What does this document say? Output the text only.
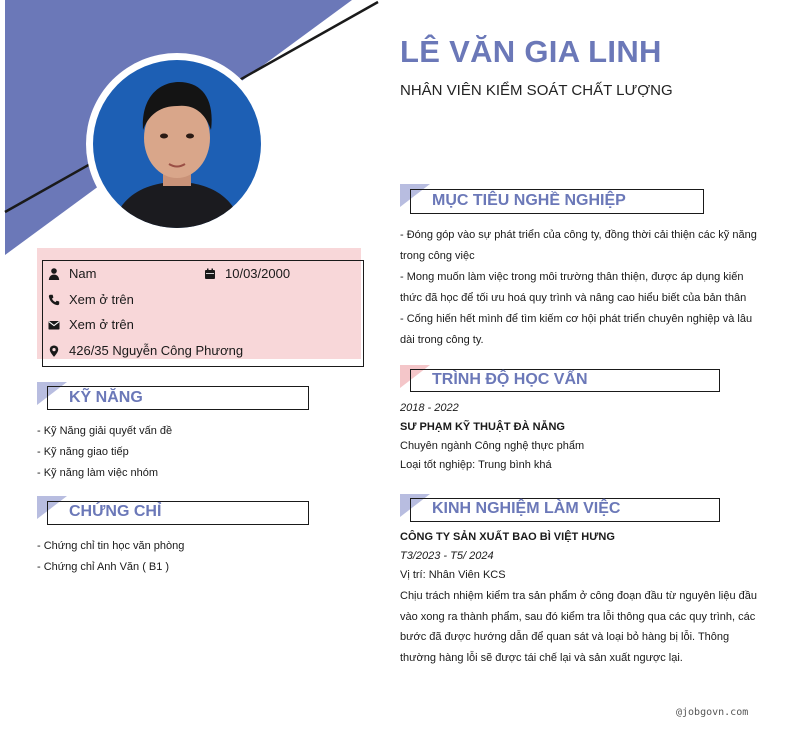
LÊ VĂN GIA LINH
NHÂN VIÊN KIỂM SOÁT CHẤT LƯỢNG
Nam	10/03/2000
Xem ở trên
Xem ở trên
426/35 Nguyễn Công Phương
KỸ NĂNG

- Kỹ Năng giải quyết vấn đề

- Kỹ năng giao tiếp

- Kỹ năng làm việc nhóm

CHỨNG CHỈ

- Chứng chỉ tin học văn phòng

- Chứng chỉ Anh Văn ( B1 )

MỤC TIÊU NGHỀ NGHIỆP

- Đóng góp vào sự phát triển của công ty, đồng thời cải thiện các kỹ năng

trong công việc

- Mong muốn làm việc trong môi trường thân thiện, được áp dụng kiến

thức đã học để tối ưu hoá quy trình và nâng cao hiểu biết của bản thân

- Cống hiến hết mình để tìm kiếm cơ hội phát triển chuyên nghiệp và lâu

dài trong công ty.

TRÌNH ĐỘ HỌC VẤN

2018 - 2022

SƯ PHẠM KỸ THUẬT ĐÀ NẴNG

Chuyên ngành Công nghệ thực phẩm

Loại tốt nghiệp: Trung bình khá

KINH NGHIỆM LÀM VIỆC

CÔNG TY SẢN XUẤT BAO BÌ VIỆT HƯNG

T3/2023 - T5/ 2024

Vị trí: Nhân Viên KCS

Chịu trách nhiệm kiểm tra sản phẩm ở công đoạn đầu từ nguyên liệu đầu

vào xong ra thành phẩm, sau đó kiểm tra lỗi thông qua các quy trình, các

bước đã được hướng dẫn để quan sát và loại bỏ hàng bị lỗi. Thông

thường hàng lỗi sẽ được tái chế lại và sản xuất ngược lại.

@jobgovn.com
